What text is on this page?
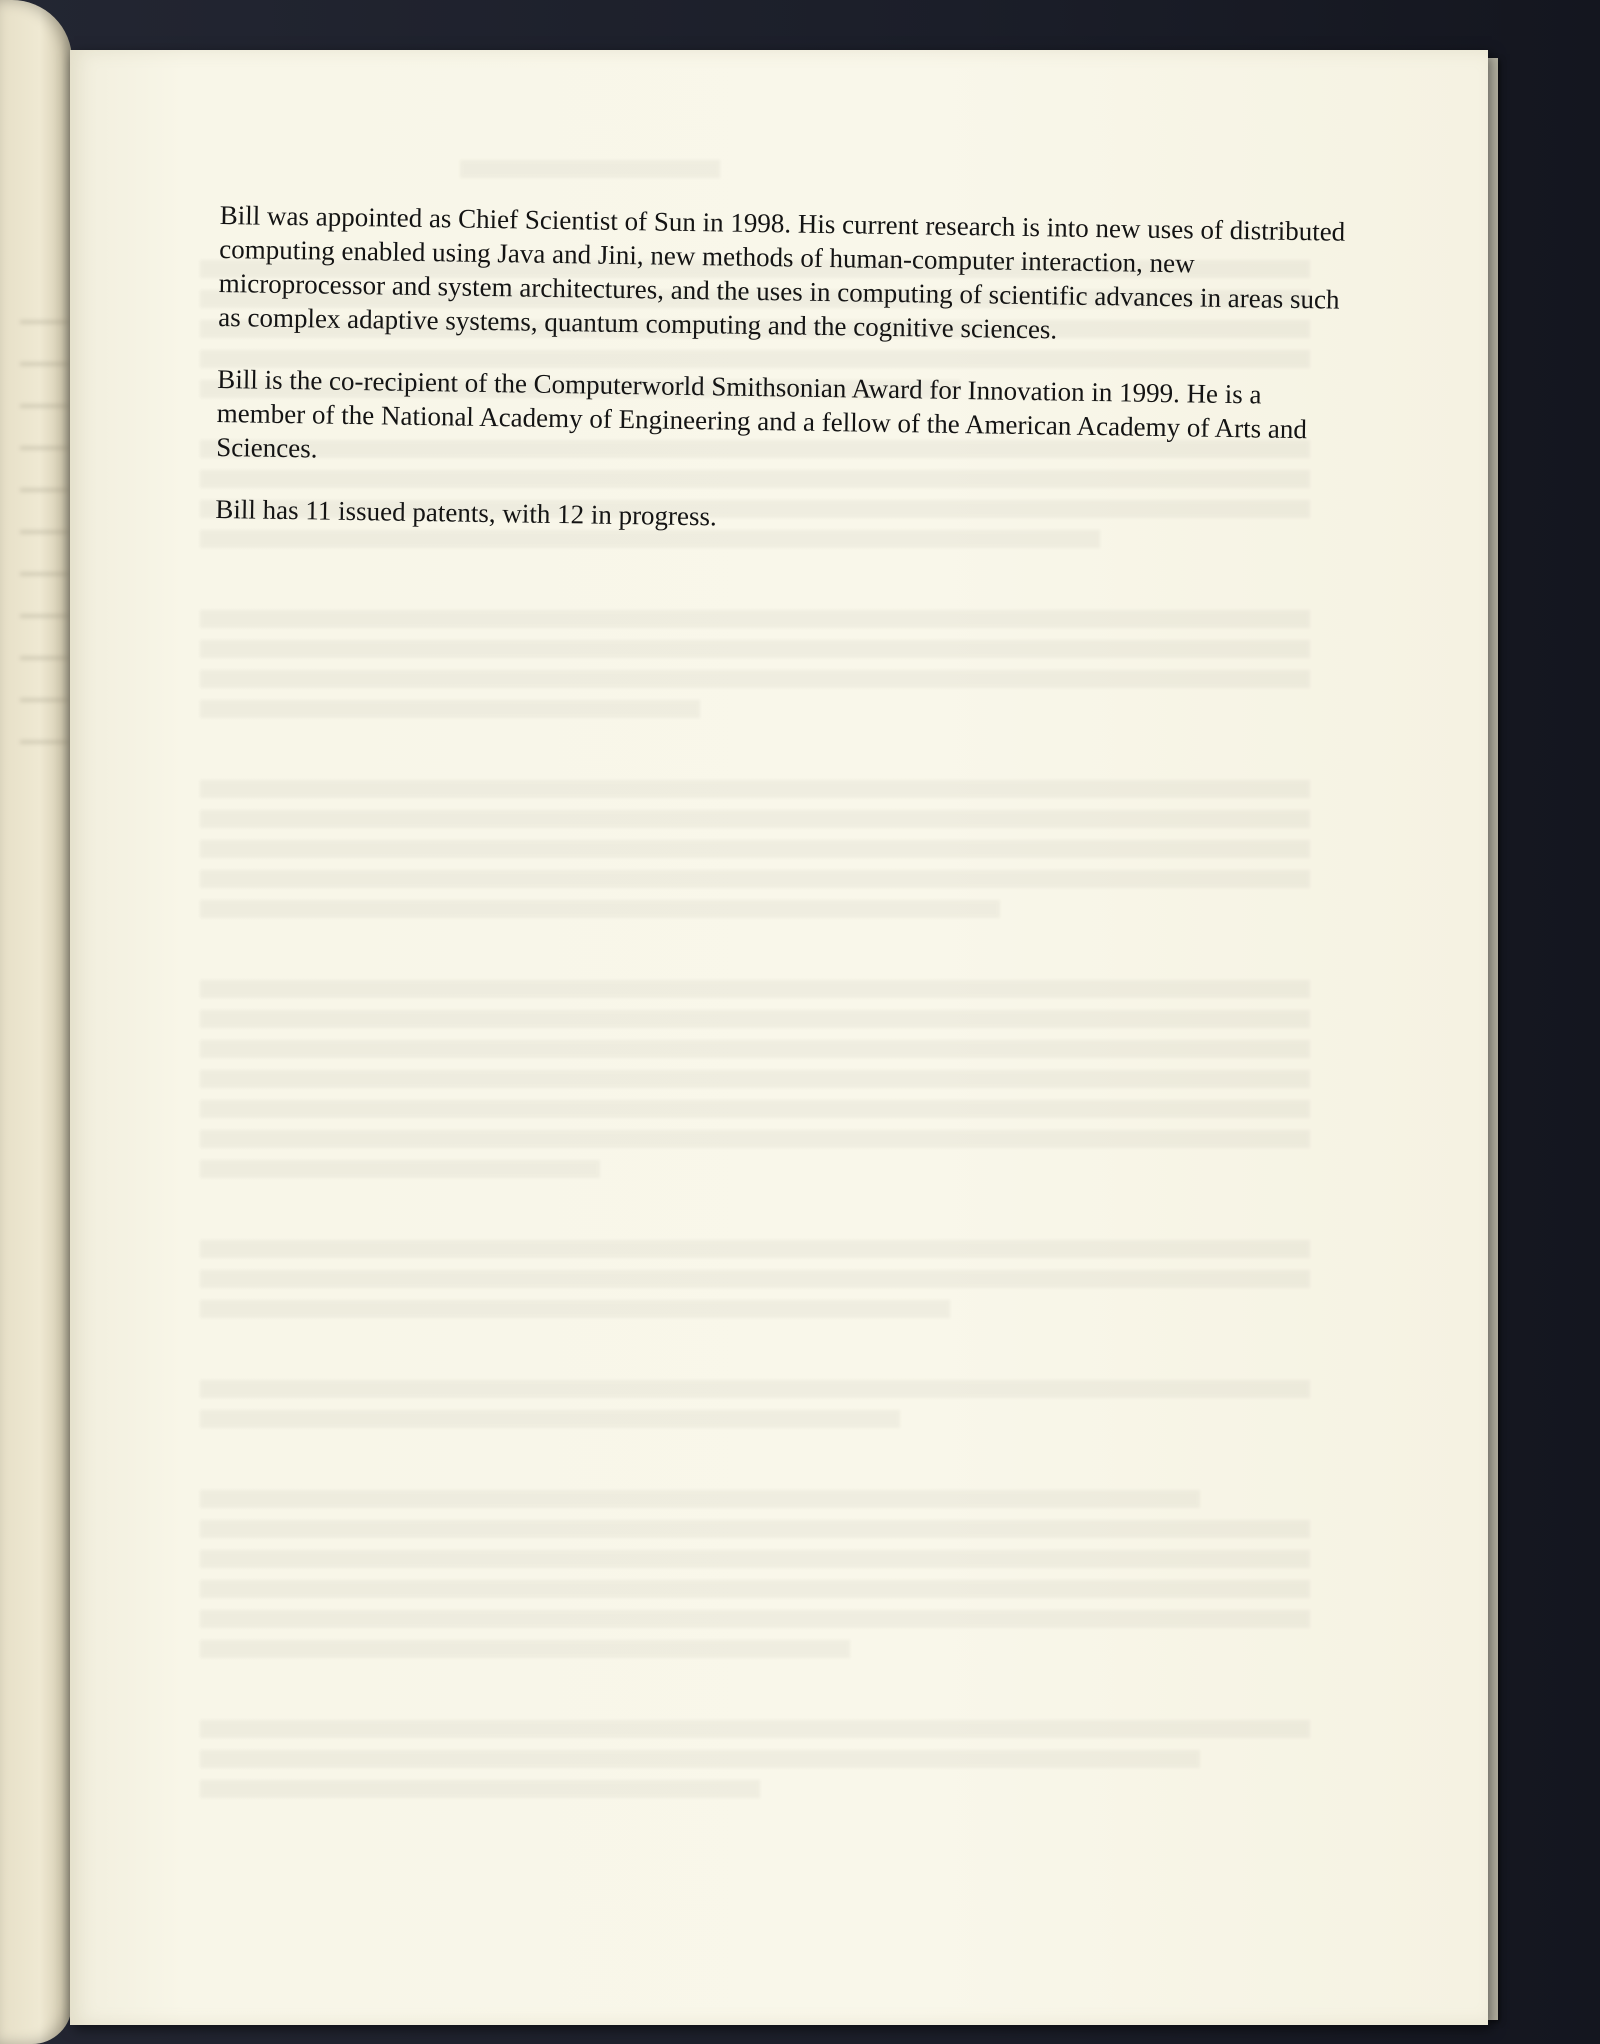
Bill was appointed as Chief Scientist of Sun in 1998. His current research is into new uses of distributed computing enabled using Java and Jini, new methods of human-computer interaction, new microprocessor and system architectures, and the uses in computing of scientific advances in areas such as complex adaptive systems, quantum computing and the cognitive sciences.

Bill is the co-recipient of the Computerworld Smithsonian Award for Innovation in 1999. He is a member of the National Academy of Engineering and a fellow of the American Academy of Arts and Sciences.

Bill has 11 issued patents, with 12 in progress.
